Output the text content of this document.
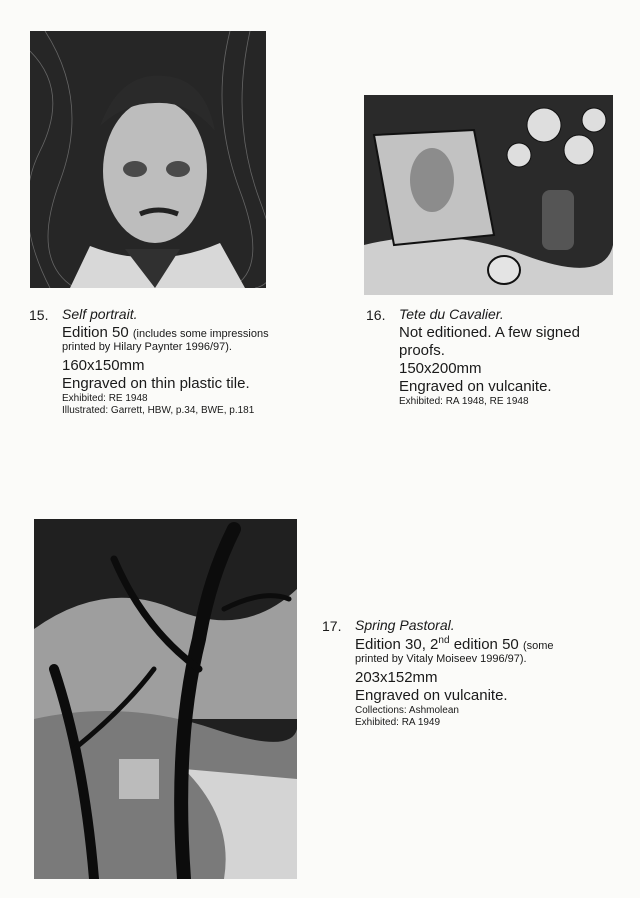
15. Self portrait.
Edition 50 (includes some impressions
printed by Hilary Paynter 1996/97).
160x150mm
Engraved on thin plastic tile.
Exhibited: RE 1948
Illustrated: Garrett, HBW, p.34, BWE, p.181
16. Tete du Cavalier.
Not editioned. A few signed
proofs.
150x200mm
Engraved on vulcanite.
Exhibited: RA 1948, RE 1948
17. Spring Pastoral.
Edition 30, 2nd edition 50 (some
printed by Vitaly Moiseev 1996/97).
203x152mm
Engraved on vulcanite.
Collections: Ashmolean
Exhibited: RA 1949
